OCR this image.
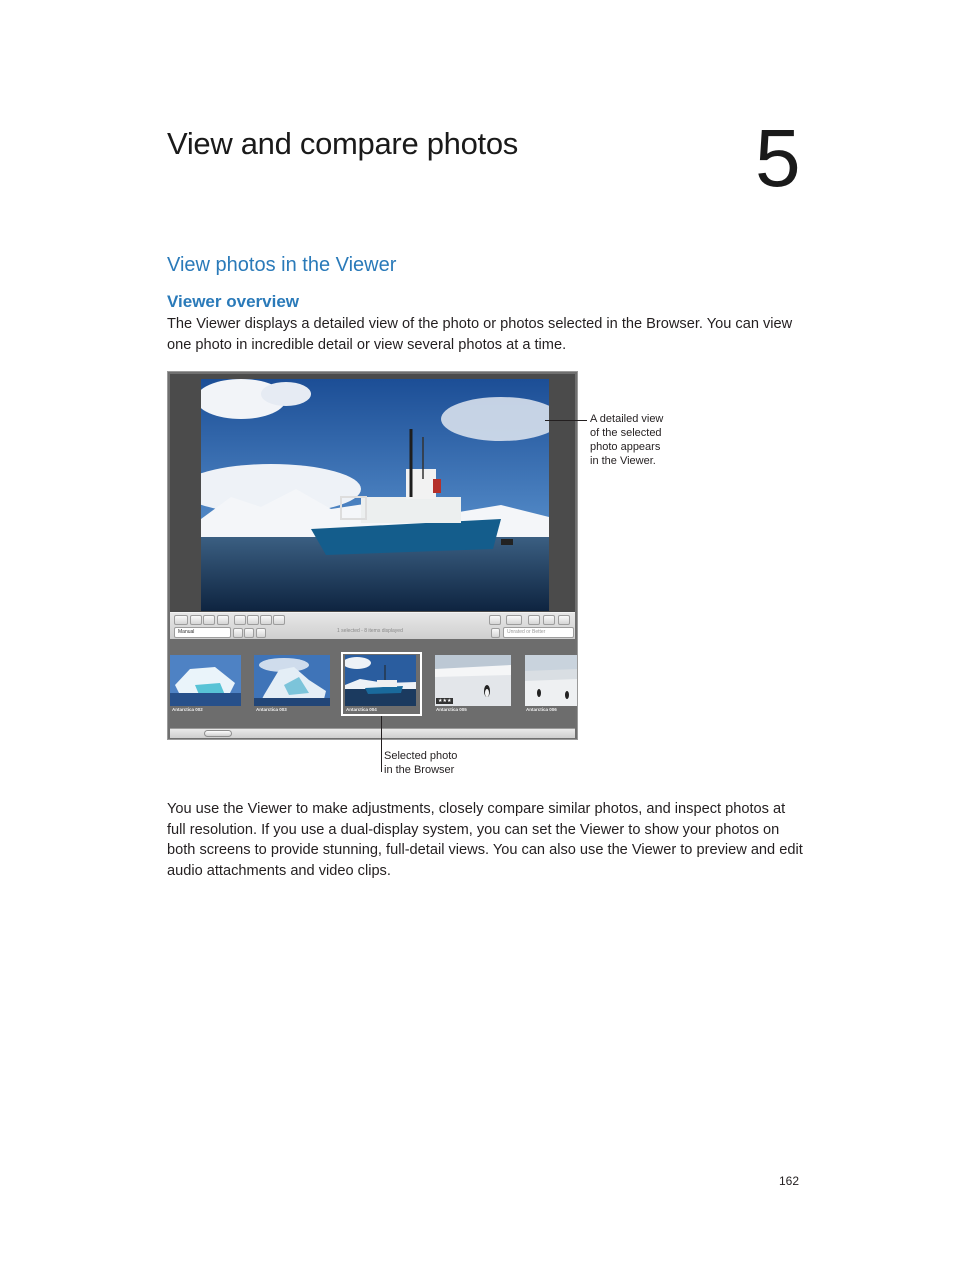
View and compare photos	5
View photos in the Viewer
Viewer overview
The Viewer displays a detailed view of the photo or photos selected in the Browser. You can view one photo in incredible detail or view several photos at a time.
Manual	1 selected - 8 items displayed	Unrated or Better
Antarctica 002	Antarctica 003	Antarctica 004
★★★
Antarctica 005	Antarctica 006
A detailed view
of the selected
photo appears
in the Viewer.
Selected photo
in the Browser
You use the Viewer to make adjustments, closely compare similar photos, and inspect photos at full resolution. If you use a dual-display system, you can set the Viewer to show your photos on both screens to provide stunning, full-detail views. You can also use the Viewer to preview and edit audio attachments and video clips.
162
